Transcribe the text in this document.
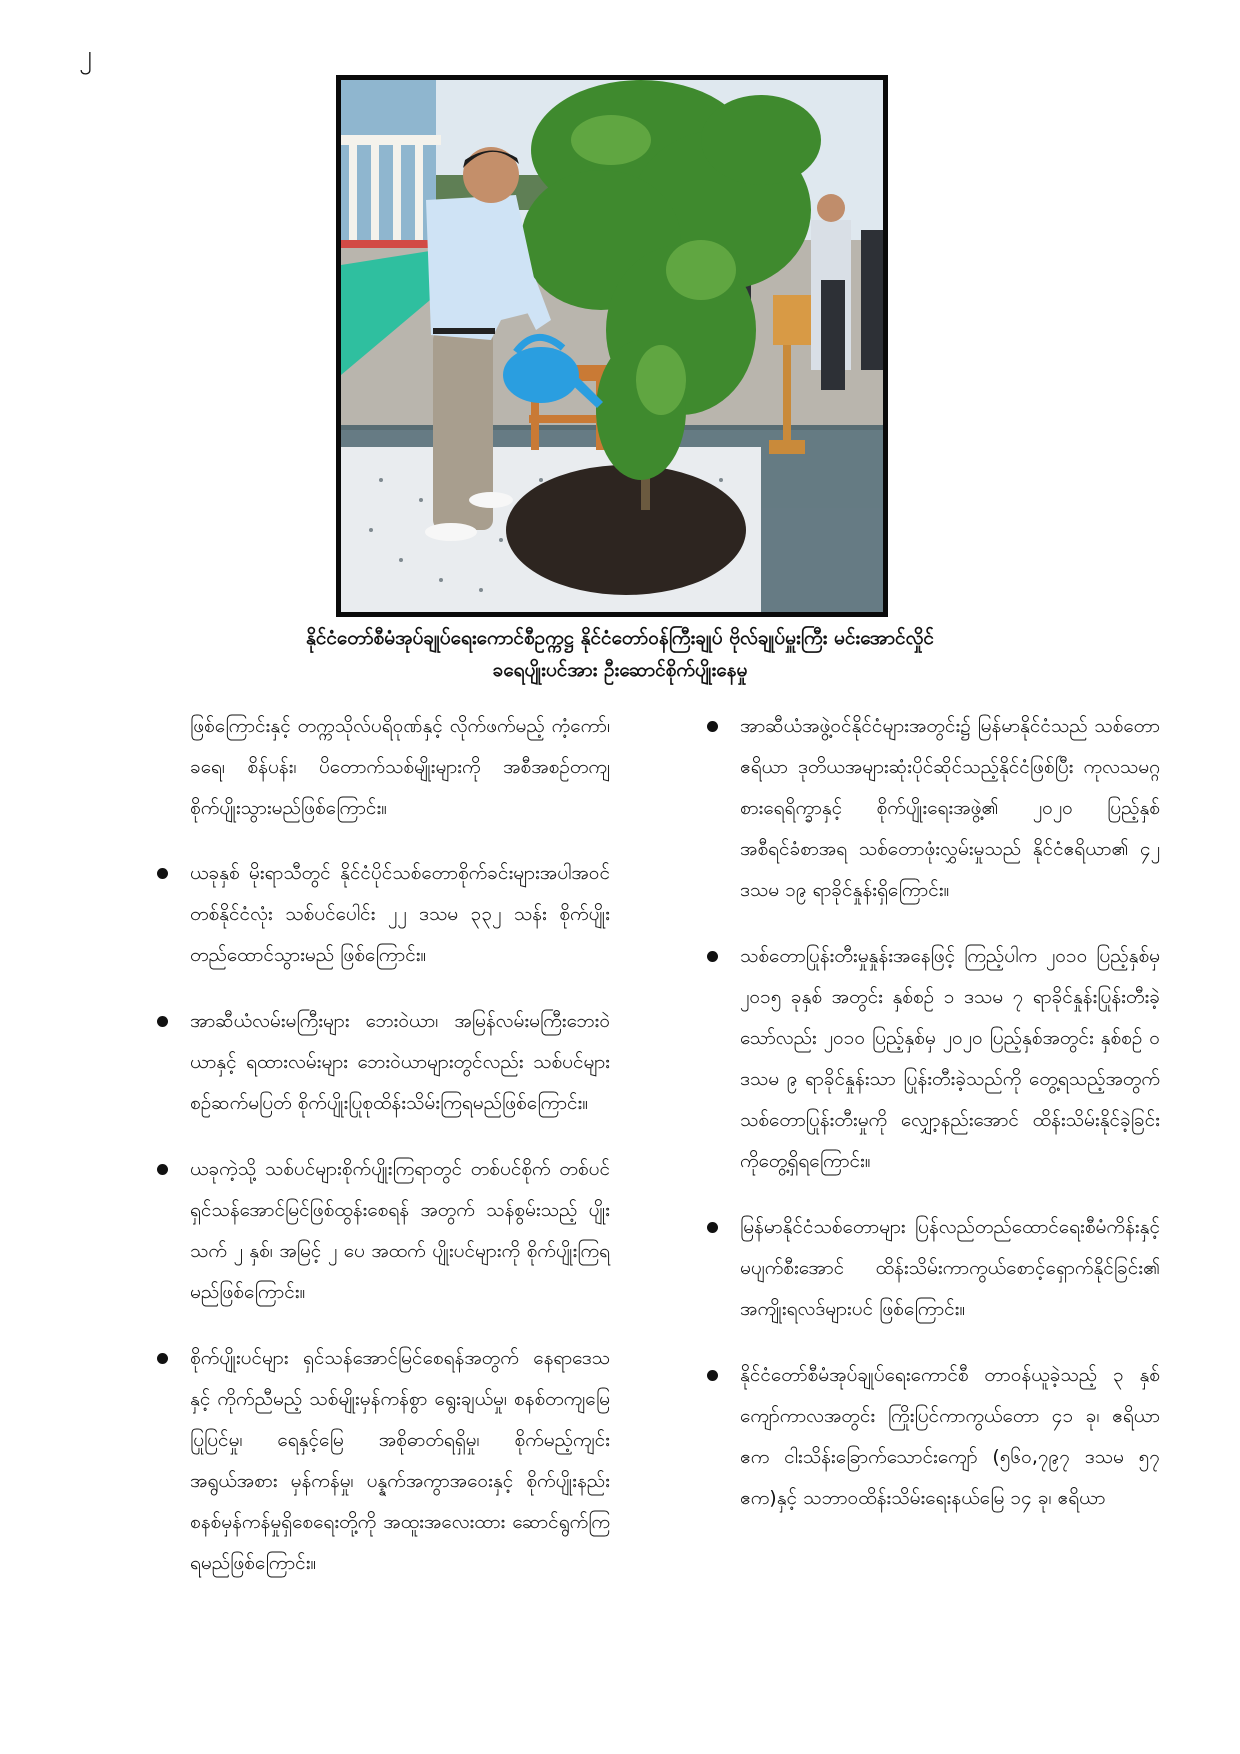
၂
နိုင်ငံတော်စီမံအုပ်ချုပ်ရေးကောင်စီဥက္ကဋ္ဌ နိုင်ငံတော်ဝန်ကြီးချုပ် ဗိုလ်ချုပ်မှူးကြီး မင်းအောင်လှိုင်
ခရေပျိုးပင်အား ဦးဆောင်စိုက်ပျိုးနေမှု

ဖြစ်ကြောင်းနှင့် တက္ကသိုလ်ပရိဝုဏ်နှင့် လိုက်ဖက်မည့် ကံ့ကော်၊ ခရေ၊ စိန်ပန်း၊ ပိတောက်သစ်မျိုးများကို အစီအစဉ်တကျစိုက်ပျိုးသွားမည်ဖြစ်ကြောင်း။

ယခုနှစ် မိုးရာသီတွင် နိုင်ငံပိုင်သစ်တောစိုက်ခင်းများအပါအဝင် တစ်နိုင်ငံလုံး သစ်ပင်ပေါင်း ၂၂ ဒသမ ၃၃၂ သန်း စိုက်ပျိုးတည်ထောင်သွားမည် ဖြစ်ကြောင်း။
အာဆီယံလမ်းမကြီးများ ဘေးဝဲယာ၊ အမြန်လမ်းမကြီးဘေးဝဲယာနှင့် ရထားလမ်းများ ဘေးဝဲယာများတွင်လည်း သစ်ပင်များစဉ်ဆက်မပြတ် စိုက်ပျိုးပြုစုထိန်းသိမ်းကြရမည်ဖြစ်ကြောင်း။
ယခုကဲ့သို့ သစ်ပင်များစိုက်ပျိုးကြရာတွင် တစ်ပင်စိုက် တစ်ပင်ရှင်သန်အောင်မြင်ဖြစ်ထွန်းစေရန် အတွက် သန်စွမ်းသည့် ပျိုးသက် ၂ နှစ်၊ အမြင့် ၂ ပေ အထက် ပျိုးပင်များကို စိုက်ပျိုးကြရမည်ဖြစ်ကြောင်း။
စိုက်ပျိုးပင်များ ရှင်သန်အောင်မြင်စေရန်အတွက် နေရာဒေသနှင့် ကိုက်ညီမည့် သစ်မျိုးမှန်ကန်စွာ ရွေးချယ်မှု၊ စနစ်တကျမြေပြုပြင်မှု၊ ရေနှင့်မြေ အစိုဓာတ်ရရှိမှု၊ စိုက်မည့်ကျင်းအရွယ်အစား မှန်ကန်မှု၊ ပန္နက်အကွာအဝေးနှင့် စိုက်ပျိုးနည်း စနစ်မှန်ကန်မှုရှိစေရေးတို့ကို အထူးအလေးထား ဆောင်ရွက်ကြရမည်ဖြစ်ကြောင်း။
အာဆီယံအဖွဲ့ဝင်နိုင်ငံများအတွင်း၌ မြန်မာနိုင်ငံသည် သစ်တောဧရိယာ ဒုတိယအများဆုံးပိုင်ဆိုင်သည့်နိုင်ငံဖြစ်ပြီး ကုလသမဂ္ဂစားရေရိက္ခာနှင့် စိုက်ပျိုးရေးအဖွဲ့၏ ၂၀၂၀ ပြည့်နှစ် အစီရင်ခံစာအရ သစ်တောဖုံးလွှမ်းမှုသည် နိုင်ငံဧရိယာ၏ ၄၂ ဒသမ ၁၉ ရာခိုင်နှုန်းရှိကြောင်း။
သစ်တောပြုန်းတီးမှုနှုန်းအနေဖြင့် ကြည့်ပါက ၂၀၁၀ ပြည့်နှစ်မှ ၂၀၁၅ ခုနှစ် အတွင်း နှစ်စဉ် ၁ ဒသမ ၇ ရာခိုင်နှုန်းပြုန်းတီးခဲ့သော်လည်း ၂၀၁၀ ပြည့်နှစ်မှ ၂၀၂၀ ပြည့်နှစ်အတွင်း နှစ်စဉ် ၀ ဒသမ ၉ ရာခိုင်နှုန်းသာ ပြုန်းတီးခဲ့သည်ကို တွေ့ရသည့်အတွက် သစ်တောပြုန်းတီးမှုကို လျှော့နည်းအောင် ထိန်းသိမ်းနိုင်ခဲ့ခြင်းကိုတွေ့ရှိရကြောင်း။
မြန်မာနိုင်ငံသစ်တောများ ပြန်လည်တည်ထောင်ရေးစီမံကိန်းနှင့် မပျက်စီးအောင် ထိန်းသိမ်းကာကွယ်စောင့်ရှောက်နိုင်ခြင်း၏ အကျိုးရလဒ်များပင် ဖြစ်ကြောင်း။
နိုင်ငံတော်စီမံအုပ်ချုပ်ရေးကောင်စီ တာဝန်ယူခဲ့သည့် ၃ နှစ်ကျော်ကာလအတွင်း ကြိုးပြင်ကာကွယ်တော ၄၁ ခု၊ ဧရိယာဧက ငါးသိန်းခြောက်သောင်းကျော် (၅၆၀,၇၉၇ ဒသမ ၅၇ ဧက)နှင့် သဘာဝထိန်းသိမ်းရေးနယ်မြေ ၁၄ ခု၊ ဧရိယာ
